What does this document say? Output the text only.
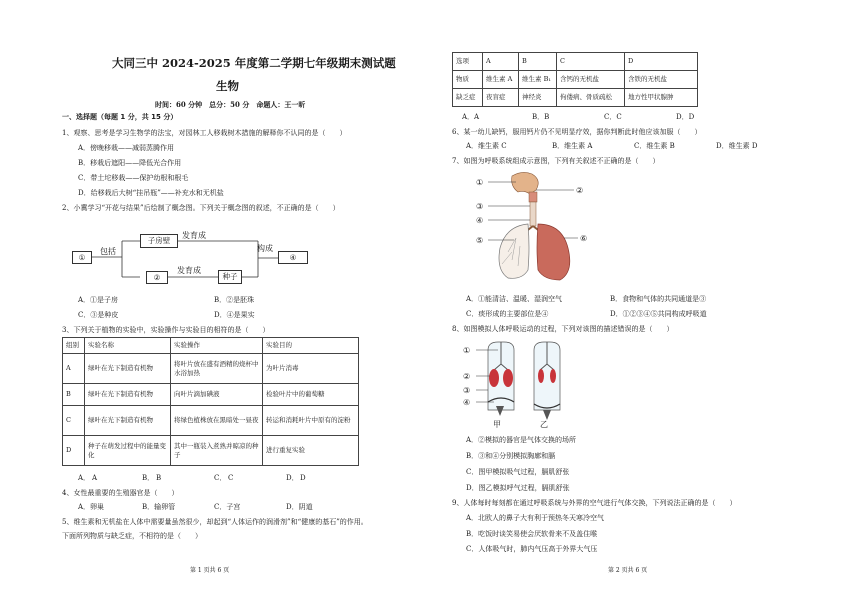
大同三中 2024-2025 年度第二学期七年级期末测试题
生物
时间：60 分钟　总分：50 分　命题人：王一昕
一、选择题（每题 1 分，共 15 分）
1、观察、思考是学习生物学的法宝，对园林工人移栽树木措施的解释你不认同的是（　　）
A．傍晚移栽——减弱蒸腾作用
B．移栽后遮阳——降低光合作用
C．带土坨移栽——保护幼根和根毛
D．给移栽后大树“挂吊瓶”——补充水和无机盐
2、小冀学习“开花与结果”后绘制了概念图。下列关于概念图的叙述，不正确的是（　　）
①
包括
子房壁
②
发育成
发育成
种子
构成
④
A．①是子房	B．②是胚珠
C．③是种皮	D．④是果实
3、下列关于植物的实验中，实验操作与实验目的相符的是（　　）
组别	实验名称	实验操作	实验目的
A	绿叶在光下制造有机物	将叶片放在盛有酒精的烧杯中水浴加热	为叶片消毒
B	绿叶在光下制造有机物	向叶片滴加碘液	检验叶片中的葡萄糖
C	绿叶在光下制造有机物	将绿色植株放在黑暗处一昼夜	转运和消耗叶片中原有的淀粉
D	种子在萌发过程中的能量变化	其中一瓶装入煮熟并晾凉的种子	进行重复实验
A． A	B． B	C． C	D． D
4、女性最重要的生殖器官是（　　）
A．卵巢	B．输卵管	C．子宫	D．阴道
5、维生素和无机盐在人体中需要量虽然很少，却起到“人体运作的润滑剂”和“健康的基石”的作用。
下面所列物质与缺乏症，不相符的是（　　）
第 1 页共 6 页
选项	A	B	C	D
物质	维生素 A	维生素 B₁	含钙的无机盐	含铁的无机盐
缺乏症	夜盲症	神经炎	佝偻病、骨质疏松	地方性甲状腺肿
A．A	B．B	C．C	D．D
6、某一幼儿缺钙，服用钙片仍不见明显疗效，据你判断此时他应该加服（　　）
A．维生素 C	B．维生素 A	C．维生素 B	D．维生素 D
7、如图为呼吸系统组成示意图，下列有关叙述不正确的是（　　）
①
②
③
④
⑤	⑥
A．①能清洁、温暖、湿润空气	B．食物和气体的共同通道是③
C．痰形成的主要部位是④	D．①②③④⑤共同构成呼吸道
8、如图模拟人体呼吸运动的过程，下列对该图的描述错误的是（　　）
①
②
③
④
甲	乙
A．②模拟的器官是气体交换的场所
B．③和④分别模拟胸廓和膈
C．图甲模拟吸气过程，膈肌舒张
D．图乙模拟呼气过程，膈肌舒张
9、人体每时每刻都在通过呼吸系统与外界的空气进行气体交换，下列说法正确的是（　　）
A．北欧人的鼻子大有利于预热冬天寒冷空气
B．吃饭时谈笑易使会厌软骨来不及盖住喉
C．人体吸气时，肺内气压高于外界大气压
第 2 页共 6 页
